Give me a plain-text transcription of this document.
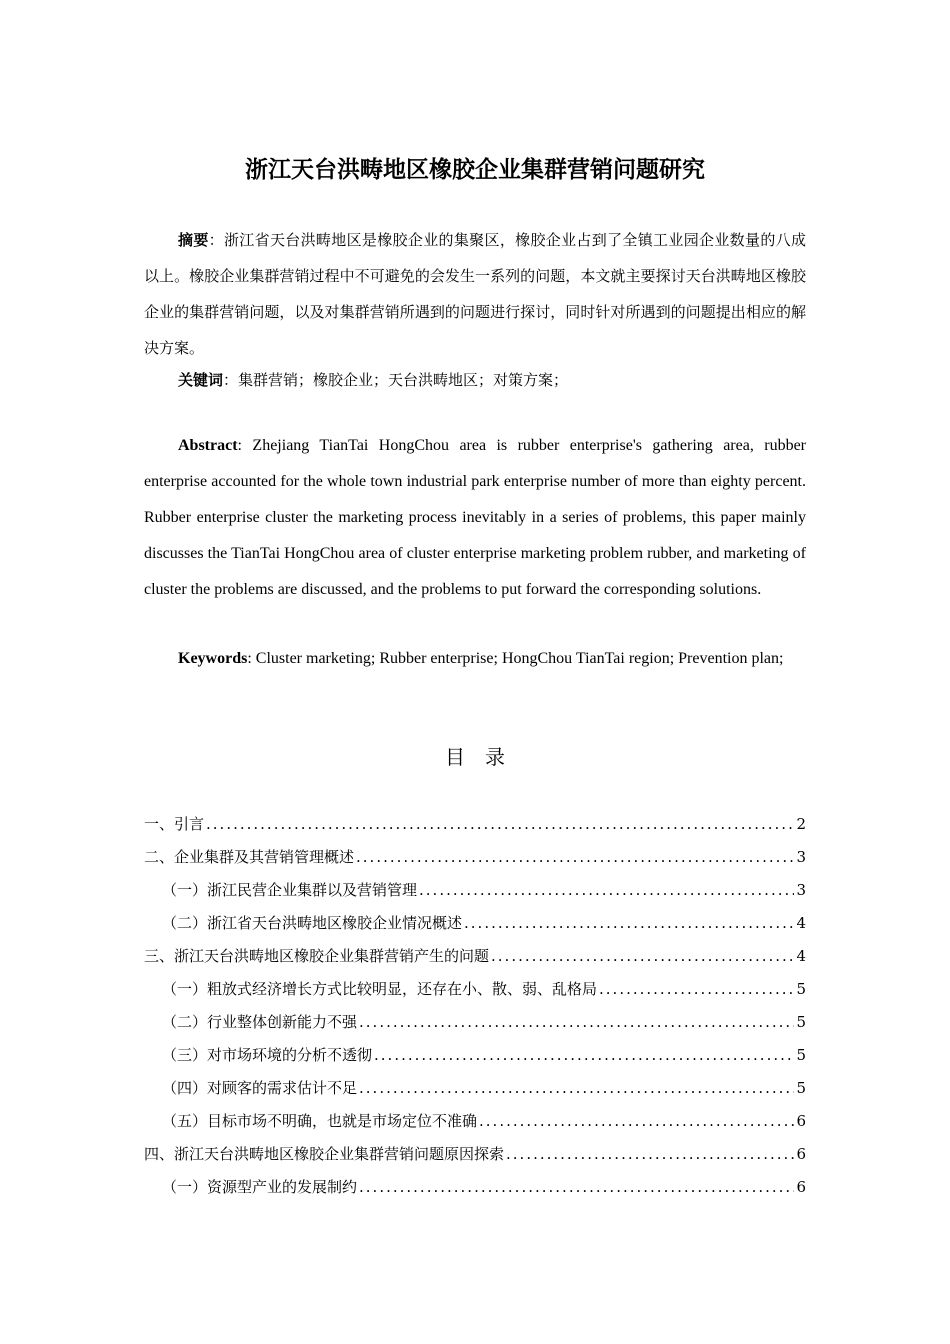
浙江天台洪畴地区橡胶企业集群营销问题研究
摘要：浙江省天台洪畴地区是橡胶企业的集聚区，橡胶企业占到了全镇工业园企业数量的八成以上。橡胶企业集群营销过程中不可避免的会发生一系列的问题，本文就主要探讨天台洪畴地区橡胶企业的集群营销问题，以及对集群营销所遇到的问题进行探讨，同时针对所遇到的问题提出相应的解决方案。
关键词：集群营销；橡胶企业；天台洪畴地区；对策方案；
Abstract: Zhejiang TianTai HongChou area is rubber enterprise's gathering area, rubber enterprise accounted for the whole town industrial park enterprise number of more than eighty percent. Rubber enterprise cluster the marketing process inevitably in a series of problems, this paper mainly discusses the TianTai HongChou area of cluster enterprise marketing problem rubber, and marketing of cluster the problems are discussed, and the problems to put forward the corresponding solutions.
Keywords: Cluster marketing; Rubber enterprise; HongChou TianTai region; Prevention plan;
目录
一、引言 .....	2
二、企业集群及其营销管理概述 .....	3
（一）浙江民营企业集群以及营销管理 .....	3
（二）浙江省天台洪畴地区橡胶企业情况概述 .....	4
三、浙江天台洪畴地区橡胶企业集群营销产生的问题 .....	4
（一）粗放式经济增长方式比较明显，还存在小、散、弱、乱格局 .....	5
（二）行业整体创新能力不强 .....	5
（三）对市场环境的分析不透彻 .....	5
（四）对顾客的需求估计不足 .....	5
（五）目标市场不明确，也就是市场定位不准确 .....	6
四、浙江天台洪畴地区橡胶企业集群营销问题原因探索 .....	6
（一）资源型产业的发展制约 .....	6
